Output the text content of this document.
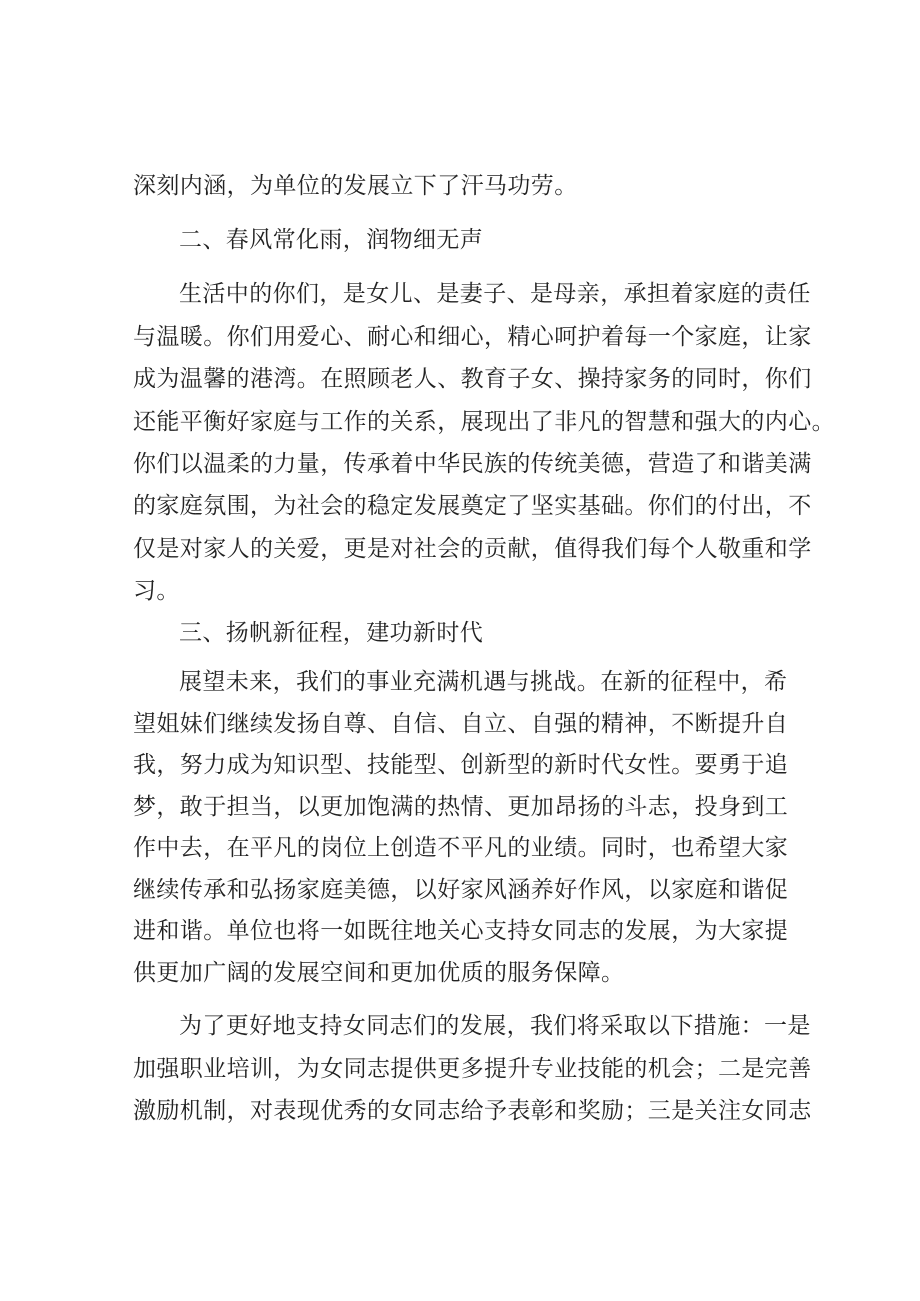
深刻内涵，为单位的发展立下了汗马功劳。
二、春风常化雨，润物细无声
生活中的你们，是女儿、是妻子、是母亲，承担着家庭的责任
与温暖。你们用爱心、耐心和细心，精心呵护着每一个家庭，让家
成为温馨的港湾。在照顾老人、教育子女、操持家务的同时，你们
还能平衡好家庭与工作的关系，展现出了非凡的智慧和强大的内心。
你们以温柔的力量，传承着中华民族的传统美德，营造了和谐美满
的家庭氛围，为社会的稳定发展奠定了坚实基础。你们的付出，不
仅是对家人的关爱，更是对社会的贡献，值得我们每个人敬重和学
习。
三、扬帆新征程，建功新时代
展望未来，我们的事业充满机遇与挑战。在新的征程中，希
望姐妹们继续发扬自尊、自信、自立、自强的精神，不断提升自
我，努力成为知识型、技能型、创新型的新时代女性。要勇于追
梦，敢于担当，以更加饱满的热情、更加昂扬的斗志，投身到工
作中去，在平凡的岗位上创造不平凡的业绩。同时，也希望大家
继续传承和弘扬家庭美德，以好家风涵养好作风，以家庭和谐促
进和谐。单位也将一如既往地关心支持女同志的发展，为大家提
供更加广阔的发展空间和更加优质的服务保障。
为了更好地支持女同志们的发展，我们将采取以下措施：一是
加强职业培训，为女同志提供更多提升专业技能的机会；二是完善
激励机制，对表现优秀的女同志给予表彰和奖励；三是关注女同志
